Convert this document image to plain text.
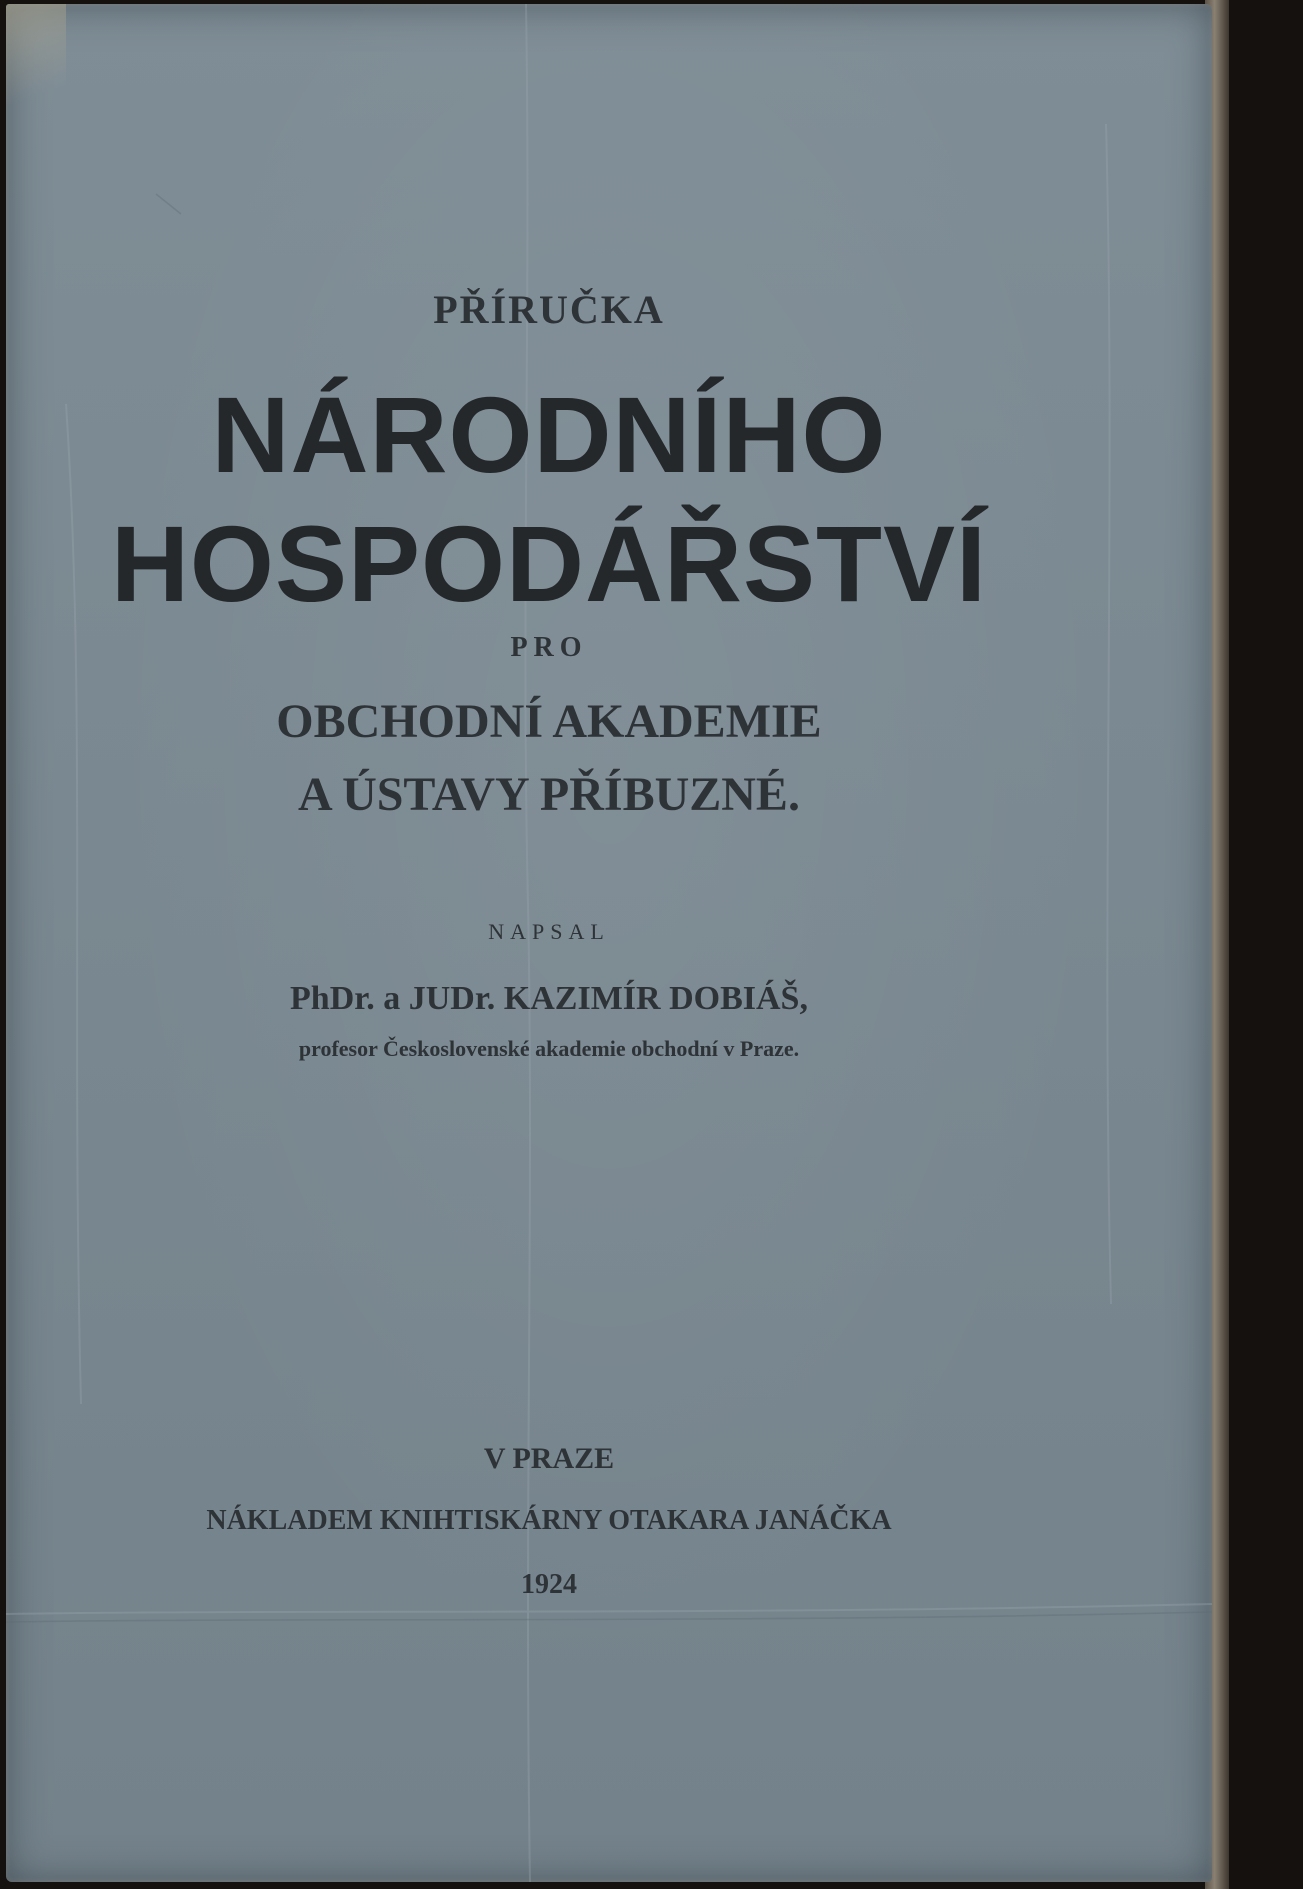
PŘÍRUČKA
NÁRODNÍHO
HOSPODÁŘSTVÍ
PRO
OBCHODNÍ AKADEMIE
A ÚSTAVY PŘÍBUZNÉ.
NAPSAL
PhDr. a JUDr. KAZIMÍR DOBIÁŠ,
profesor Československé akademie obchodní v Praze.
V PRAZE
NÁKLADEM KNIHTISKÁRNY OTAKARA JANÁČKA
1924
